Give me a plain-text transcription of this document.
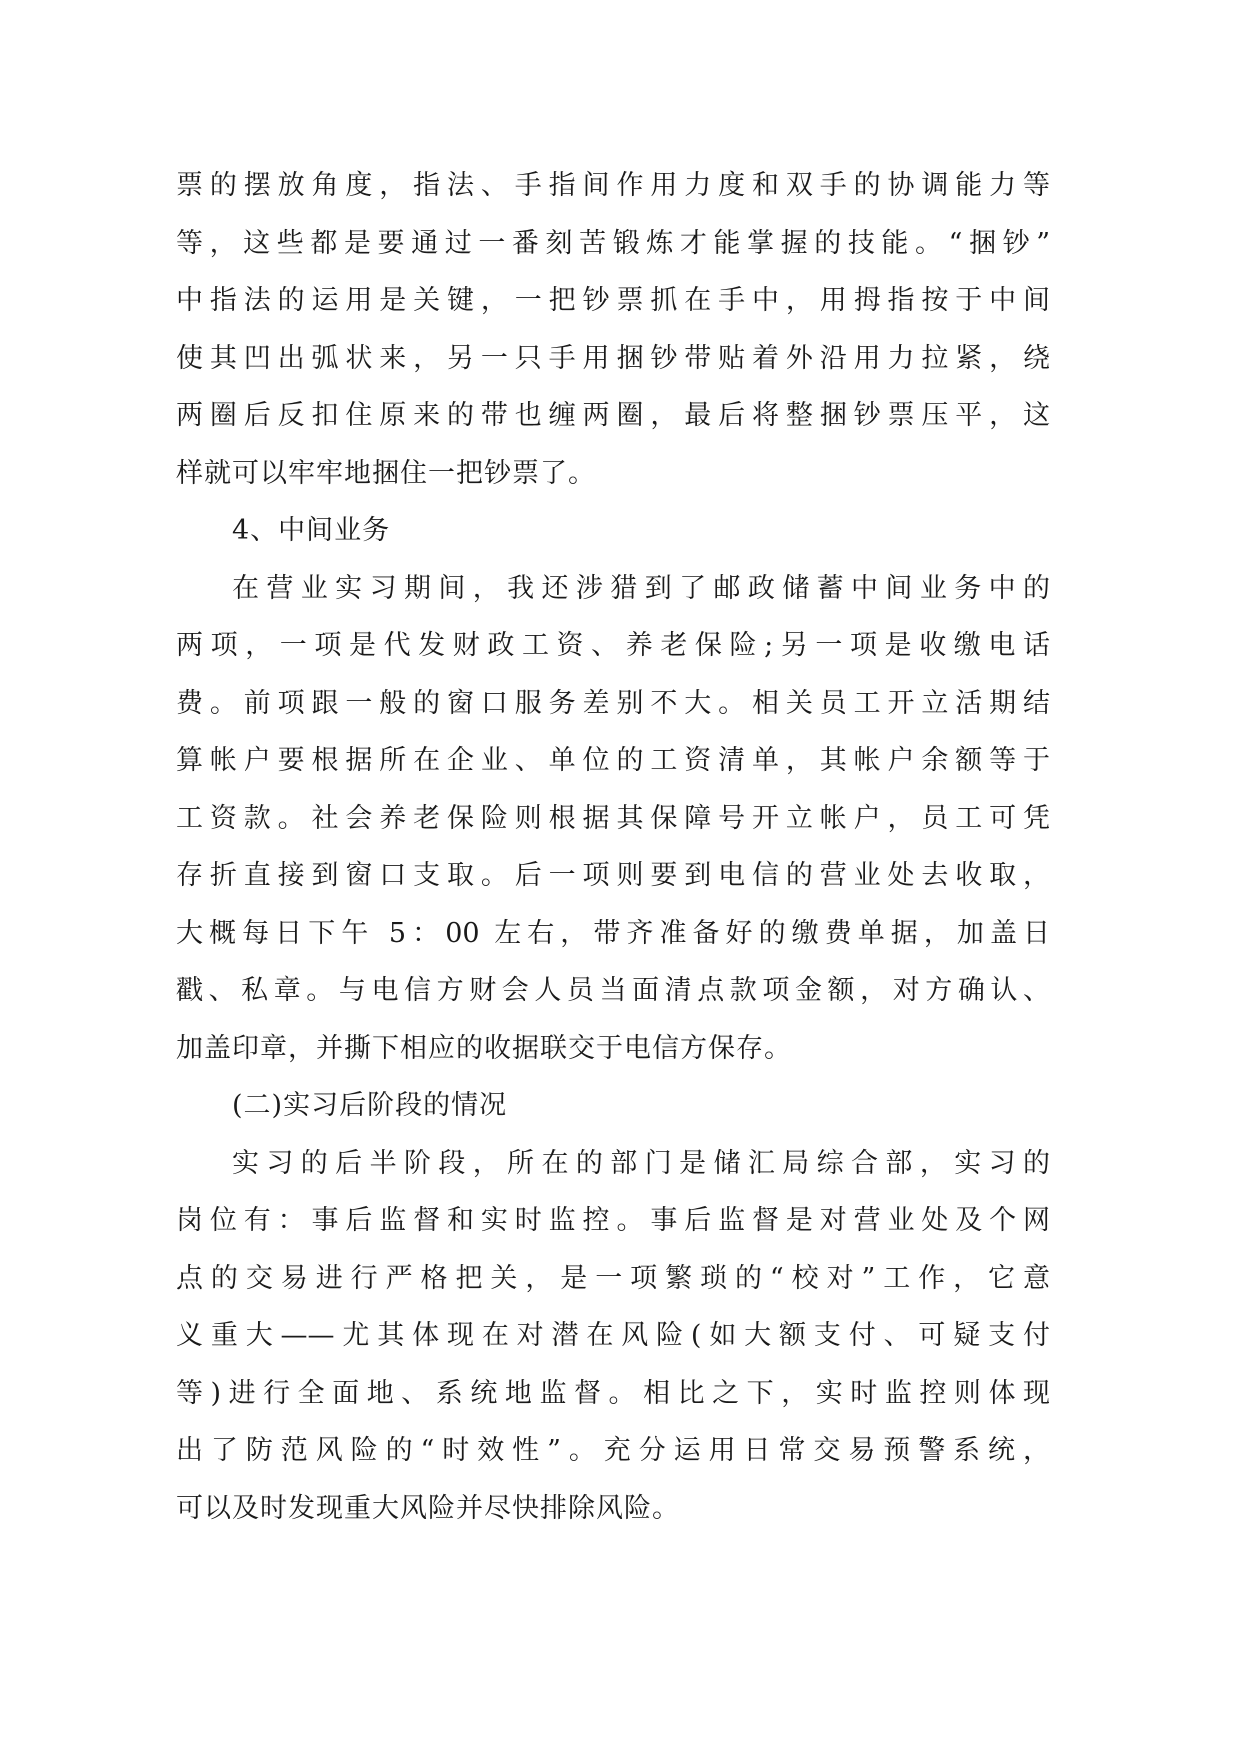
票的摆放角度，指法、手指间作用力度和双手的协调能力等
等，这些都是要通过一番刻苦锻炼才能掌握的技能。“捆钞”
中指法的运用是关键，一把钞票抓在手中，用拇指按于中间
使其凹出弧状来，另一只手用捆钞带贴着外沿用力拉紧，绕
两圈后反扣住原来的带也缠两圈，最后将整捆钞票压平，这
样就可以牢牢地捆住一把钞票了。
4、中间业务
在营业实习期间，我还涉猎到了邮政储蓄中间业务中的
两项，一项是代发财政工资、养老保险;另一项是收缴电话
费。前项跟一般的窗口服务差别不大。相关员工开立活期结
算帐户要根据所在企业、单位的工资清单，其帐户余额等于
工资款。社会养老保险则根据其保障号开立帐户，员工可凭
存折直接到窗口支取。后一项则要到电信的营业处去收取，
大概每日下午 5：00 左右，带齐准备好的缴费单据，加盖日
戳、私章。与电信方财会人员当面清点款项金额，对方确认、
加盖印章，并撕下相应的收据联交于电信方保存。
(二)实习后阶段的情况
实习的后半阶段，所在的部门是储汇局综合部，实习的
岗位有：事后监督和实时监控。事后监督是对营业处及个网
点的交易进行严格把关，是一项繁琐的“校对”工作，它意
义重大——尤其体现在对潜在风险(如大额支付、可疑支付
等)进行全面地、系统地监督。相比之下，实时监控则体现
出了防范风险的“时效性”。充分运用日常交易预警系统，
可以及时发现重大风险并尽快排除风险。
